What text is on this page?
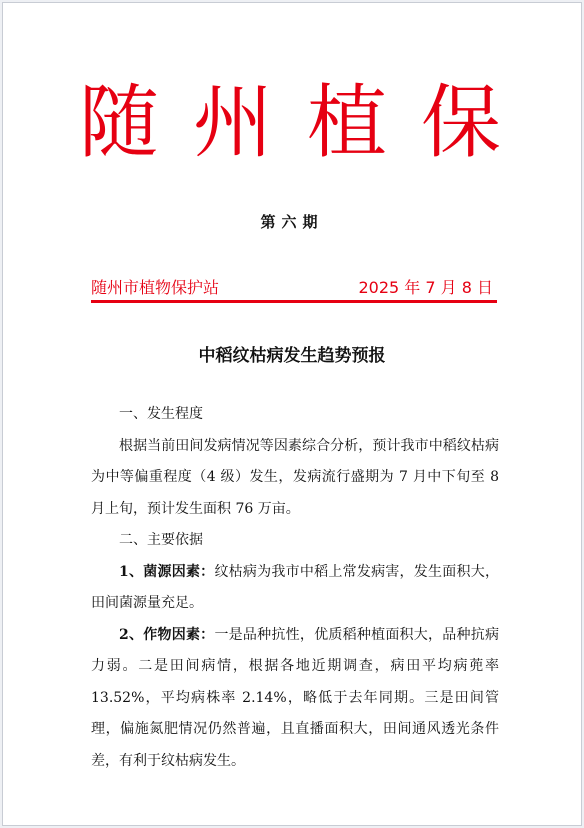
随州植保
第六期
随州市植物保护站	2025 年 7 月 8 日
中稻纹枯病发生趋势预报

一、发生程度

根据当前田间发病情况等因素综合分析，预计我市中稻纹枯病为中等偏重程度（4 级）发生，发病流行盛期为 7 月中下旬至 8 月上旬，预计发生面积 76 万亩。

二、主要依据

1、菌源因素：纹枯病为我市中稻上常发病害，发生面积大，田间菌源量充足。

2、作物因素：一是品种抗性，优质稻种植面积大，品种抗病力弱。二是田间病情，根据各地近期调查，病田平均病蔸率 13.52%，平均病株率 2.14%，略低于去年同期。三是田间管理，偏施氮肥情况仍然普遍，且直播面积大，田间通风透光条件差，有利于纹枯病发生。
